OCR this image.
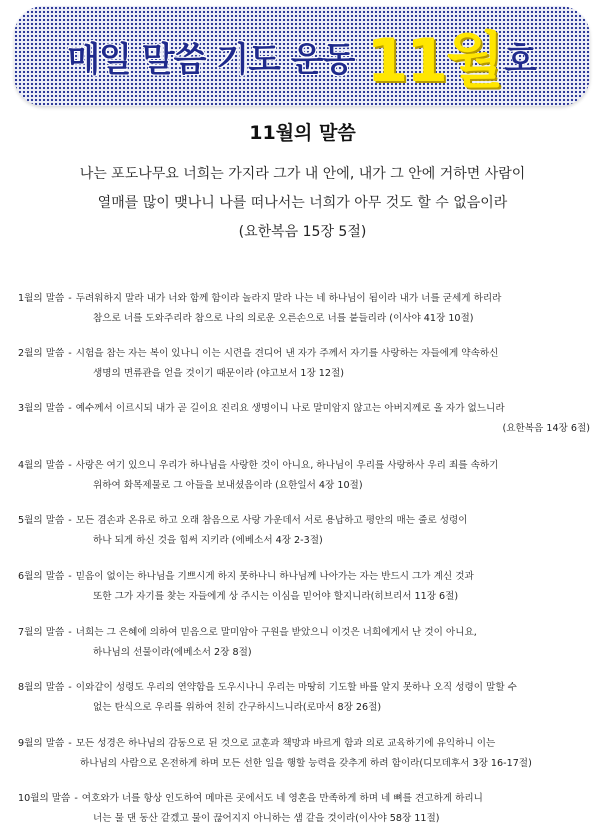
매일 말씀 기도 운동 11월 호
11월의 말씀
나는 포도나무요 너희는 가지라 그가 내 안에, 내가 그 안에 거하면 사람이
열매를 많이 맺나니 나를 떠나서는 너희가 아무 것도 할 수 없음이라
(요한복음 15장 5절)
1월의 말씀 - 두려워하지 말라 내가 너와 함께 함이라 놀라지 말라 나는 네 하나님이 됨이라 내가 너를 굳세게 하리라
참으로 너를 도와주리라 참으로 나의 의로운 오른손으로 너를 붙들리라 (이사야 41장 10절)
2월의 말씀 - 시험을 참는 자는 복이 있나니 이는 시련을 견디어 낸 자가 주께서 자기를 사랑하는 자들에게 약속하신
생명의 면류관을 얻을 것이기 때문이라 (야고보서 1장 12절)
3월의 말씀 - 예수께서 이르시되 내가 곧 길이요 진리요 생명이니 나로 말미암지 않고는 아버지께로 올 자가 없느니라
(요한복음 14장 6절)
4월의 말씀 - 사랑은 여기 있으니 우리가 하나님을 사랑한 것이 아니요, 하나님이 우리를 사랑하사 우리 죄를 속하기
위하여 화목제물로 그 아들을 보내셨음이라 (요한일서 4장 10절)
5월의 말씀 - 모든 겸손과 온유로 하고 오래 참음으로 사랑 가운데서 서로 용납하고 평안의 매는 줄로 성령이
하나 되게 하신 것을 힘써 지키라 (에베소서 4장 2-3절)
6월의 말씀 - 믿음이 없이는 하나님을 기쁘시게 하지 못하나니 하나님께 나아가는 자는 반드시 그가 계신 것과
또한 그가 자기를 찾는 자들에게 상 주시는 이심을 믿어야 할지니라(히브리서 11장 6절)
7월의 말씀 - 너희는 그 은혜에 의하여 믿음으로 말미암아 구원을 받았으니 이것은 너희에게서 난 것이 아니요,
하나님의 선물이라(에베소서 2장 8절)
8월의 말씀 - 이와같이 성령도 우리의 연약함을 도우시나니 우리는 마땅히 기도할 바를 알지 못하나 오직 성령이 말할 수
없는 탄식으로 우리를 위하여 친히 간구하시느니라(로마서 8장 26절)
9월의 말씀 - 모든 성경은 하나님의 감동으로 된 것으로 교훈과 책망과 바르게 함과 의로 교육하기에 유익하니 이는
하나님의 사람으로 온전하게 하며 모든 선한 일을 행할 능력을 갖추게 하려 함이라(디모데후서 3장 16-17절)
10월의 말씀 - 여호와가 너를 항상 인도하여 메마른 곳에서도 네 영혼을 만족하게 하며 네 뼈를 견고하게 하리니
너는 물 댄 동산 같겠고 물이 끊어지지 아니하는 샘 같을 것이라(이사야 58장 11절)
